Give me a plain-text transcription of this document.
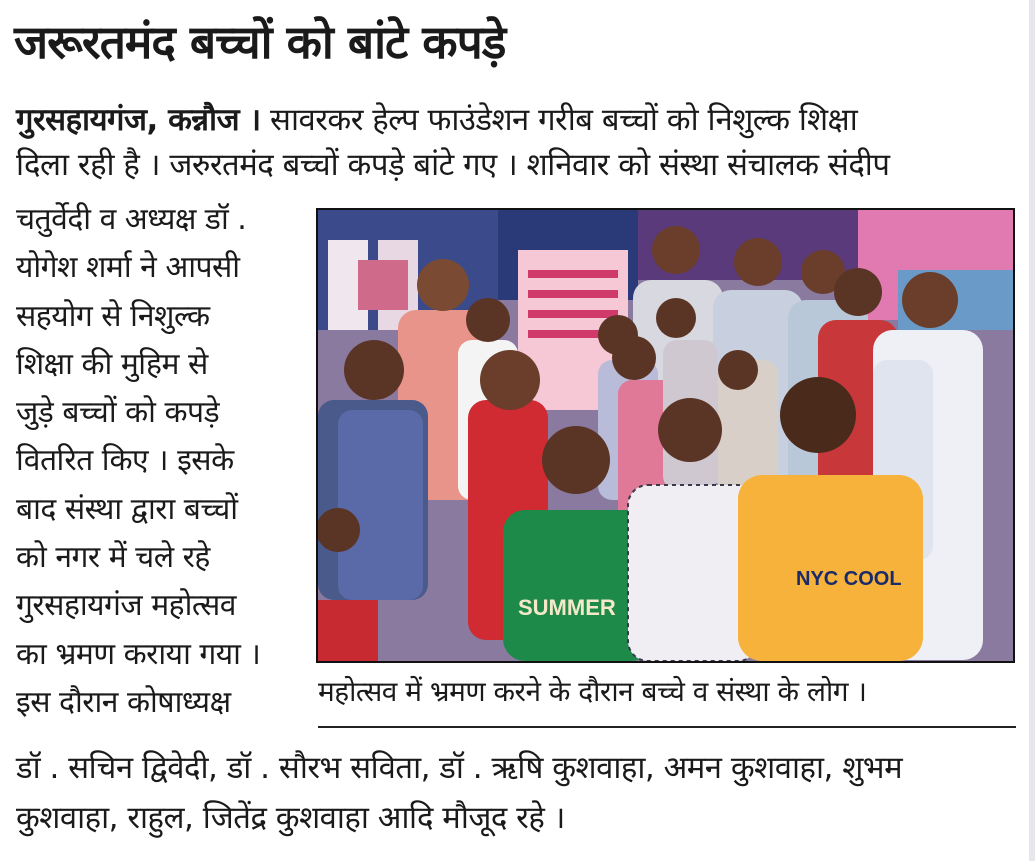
जरूरतमंद बच्चों को बांटे कपड़े
गुरसहायगंज, कन्नौज । सावरकर हेल्प फाउंडेशन गरीब बच्चों को निशुल्क शिक्षा
दिला रही है । जरुरतमंद बच्चों कपड़े बांटे गए । शनिवार को संस्था संचालक संदीप
चतुर्वेदी व अध्यक्ष डॉ .
योगेश शर्मा ने आपसी
सहयोग से निशुल्क
शिक्षा की मुहिम से
जुड़े बच्चों को कपड़े
वितरित किए । इसके
बाद संस्था द्वारा बच्चों
को नगर में चले रहे
गुरसहायगंज महोत्सव
का भ्रमण कराया गया ।
इस दौरान कोषाध्यक्ष
SUMMER
NYC COOL
महोत्सव में भ्रमण करने के दौरान बच्चे व संस्था के लोग ।
डॉ . सचिन द्विवेदी, डॉ . सौरभ सविता, डॉ . ऋषि कुशवाहा, अमन कुशवाहा, शुभम
कुशवाहा, राहुल, जितेंद्र कुशवाहा आदि मौजूद रहे ।
